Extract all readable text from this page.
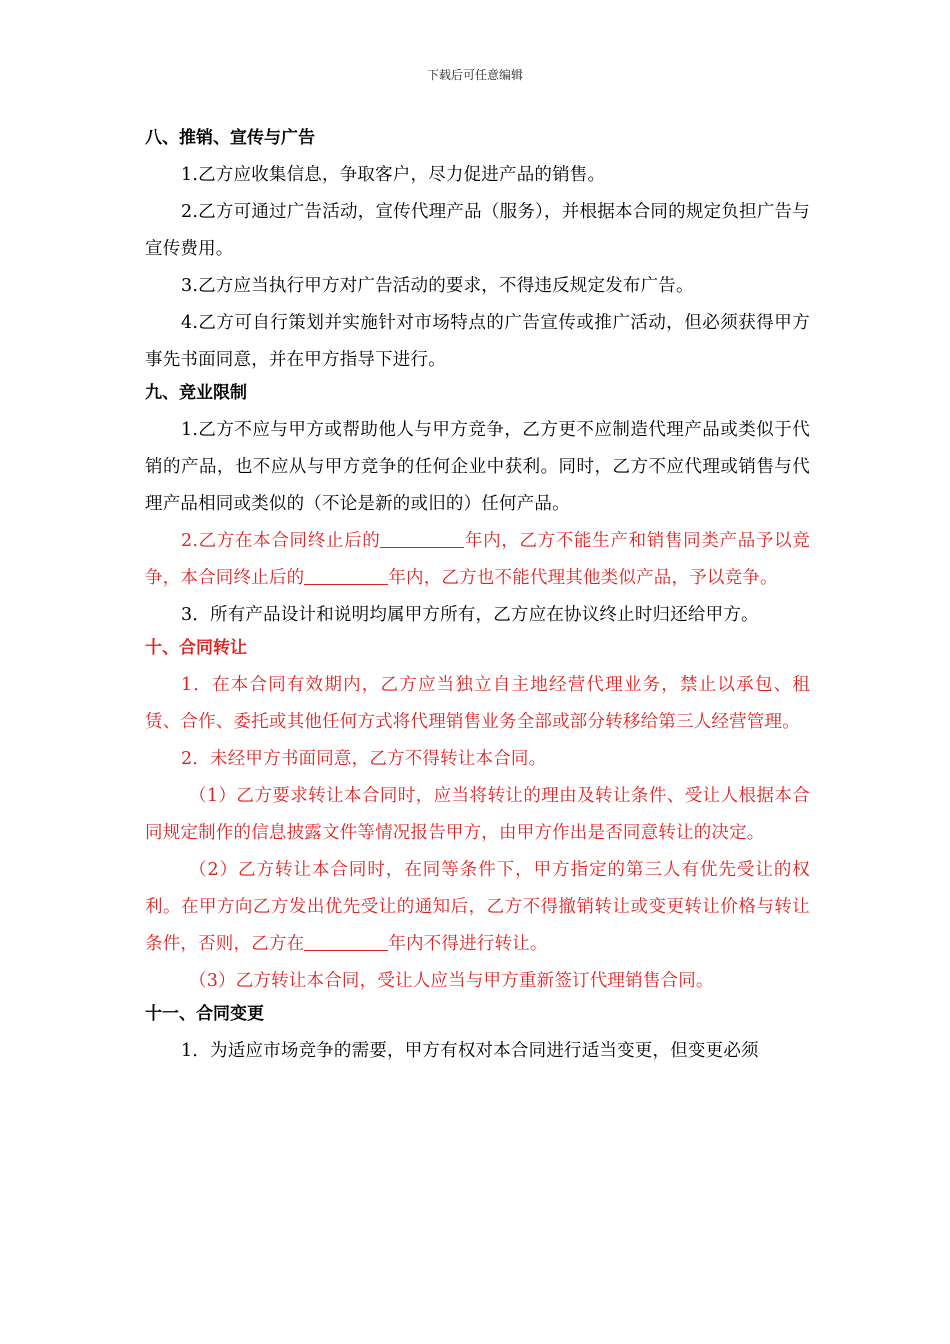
下载后可任意编辑
八、推销、宣传与广告

1.乙方应收集信息，争取客户，尽力促进产品的销售。

2.乙方可通过广告活动，宣传代理产品（服务），并根据本合同的规定负担广告与宣传费用。

3.乙方应当执行甲方对广告活动的要求，不得违反规定发布广告。

4.乙方可自行策划并实施针对市场特点的广告宣传或推广活动，但必须获得甲方事先书面同意，并在甲方指导下进行。

九、竞业限制

1.乙方不应与甲方或帮助他人与甲方竞争，乙方更不应制造代理产品或类似于代销的产品，也不应从与甲方竞争的任何企业中获利。同时，乙方不应代理或销售与代理产品相同或类似的（不论是新的或旧的）任何产品。

2.乙方在本合同终止后的	年内，乙方不能生产和销售同类产品予以竞争，本合同终止后的	年内，乙方也不能代理其他类似产品，予以竞争。

3．所有产品设计和说明均属甲方所有，乙方应在协议终止时归还给甲方。

十、合同转让

1．在本合同有效期内，乙方应当独立自主地经营代理业务，禁止以承包、租赁、合作、委托或其他任何方式将代理销售业务全部或部分转移给第三人经营管理。

2．未经甲方书面同意，乙方不得转让本合同。

（1）乙方要求转让本合同时，应当将转让的理由及转让条件、受让人根据本合同规定制作的信息披露文件等情况报告甲方，由甲方作出是否同意转让的决定。

（2）乙方转让本合同时，在同等条件下，甲方指定的第三人有优先受让的权利。在甲方向乙方发出优先受让的通知后，乙方不得撤销转让或变更转让价格与转让条件，否则，乙方在	年内不得进行转让。

（3）乙方转让本合同，受让人应当与甲方重新签订代理销售合同。

十一、合同变更

1．为适应市场竞争的需要，甲方有权对本合同进行适当变更，但变更必须
